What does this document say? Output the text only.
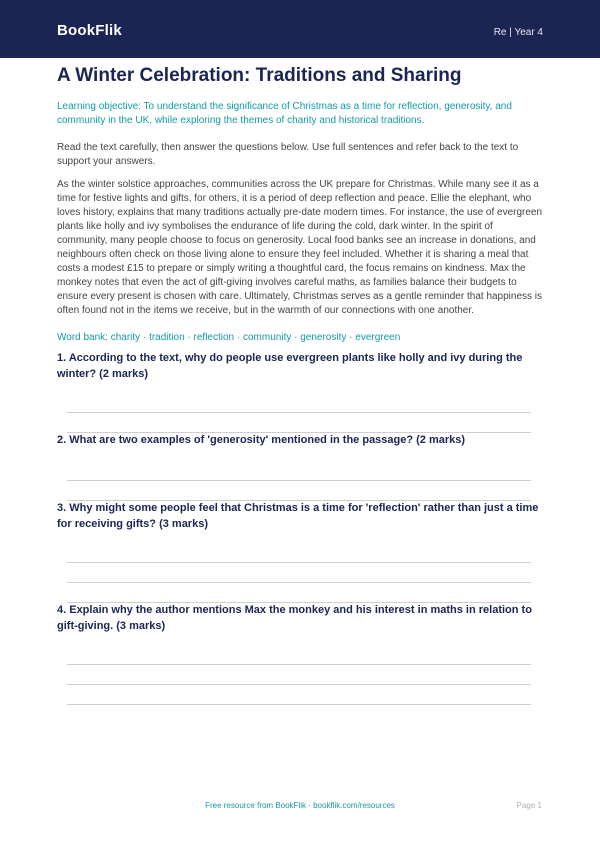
BookFlik	Re | Year 4
A Winter Celebration: Traditions and Sharing
Learning objective: To understand the significance of Christmas as a time for reflection, generosity, and community in the UK, while exploring the themes of charity and historical traditions.
Read the text carefully, then answer the questions below. Use full sentences and refer back to the text to support your answers.
As the winter solstice approaches, communities across the UK prepare for Christmas. While many see it as a time for festive lights and gifts, for others, it is a period of deep reflection and peace. Ellie the elephant, who loves history, explains that many traditions actually pre-date modern times. For instance, the use of evergreen plants like holly and ivy symbolises the endurance of life during the cold, dark winter. In the spirit of community, many people choose to focus on generosity. Local food banks see an increase in donations, and neighbours often check on those living alone to ensure they feel included. Whether it is sharing a meal that costs a modest £15 to prepare or simply writing a thoughtful card, the focus remains on kindness. Max the monkey notes that even the act of gift-giving involves careful maths, as families balance their budgets to ensure every present is chosen with care. Ultimately, Christmas serves as a gentle reminder that happiness is often found not in the items we receive, but in the warmth of our connections with one another.
Word bank: charity · tradition · reflection · community · generosity · evergreen
1. According to the text, why do people use evergreen plants like holly and ivy during the winter? (2 marks)
2. What are two examples of 'generosity' mentioned in the passage? (2 marks)
3. Why might some people feel that Christmas is a time for 'reflection' rather than just a time for receiving gifts? (3 marks)
4. Explain why the author mentions Max the monkey and his interest in maths in relation to gift-giving. (3 marks)
Free resource from BookFlik · bookflik.com/resources	Page 1
